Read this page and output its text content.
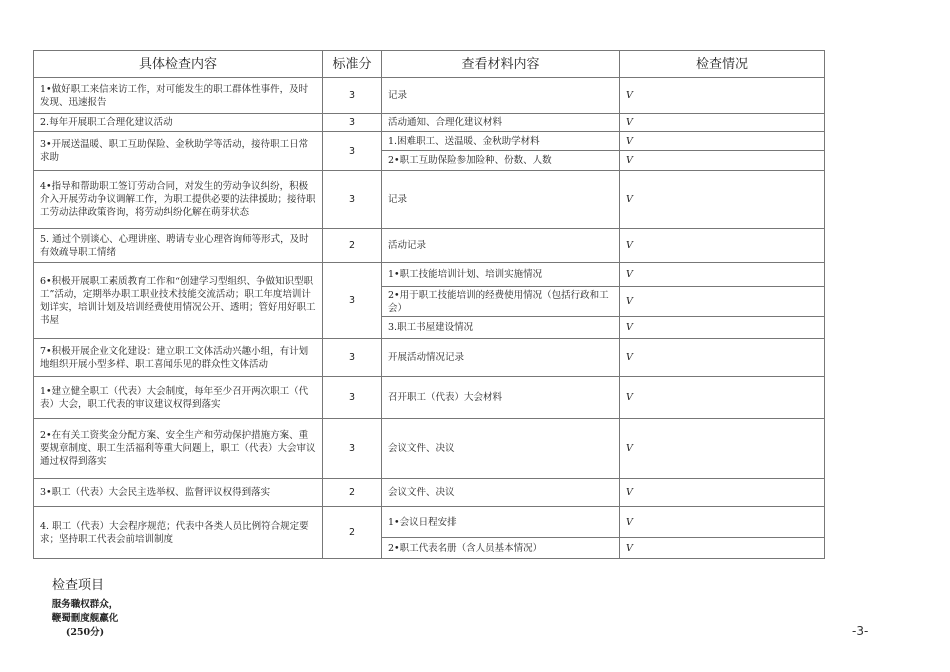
具体检查内容	标准分	查看材料内容	检查情况
1•做好职工来信来访工作，对可能发生的职工群体性事件，及时发现、迅速报告	3	记录	V
2.每年开展职工合理化建议活动	3	活动通知、合理化建议材料	V
3•开展送温暖、职工互助保险、金秋助学等活动，接待职工日常求助	3	1.困难职工、送温暖、金秋助学材料	V
		2•职工互助保险参加险种、份数、人数	V
4•指导和帮助职工签订劳动合同，对发生的劳动争议纠纷，积极介入开展劳动争议调解工作，为职工提供必要的法律援助；接待职工劳动法律政策咨询，将劳动纠纷化解在萌芽状态	3	记录	V
5. 通过个别谈心、心理讲座、聘请专业心理咨询师等形式，及时有效疏导职工情绪	2	活动记录	V
6•积极开展职工素质教育工作和“创建学习型组织、争做知识型职工”活动，定期举办职工职业技术技能交流活动；职工年度培训计划详实，培训计划及培训经费使用情况公开、透明；管好用好职工书屋	3	1•职工技能培训计划、培训实施情况	V
		2•用于职工技能培训的经费使用情况（包括行政和工会）	V
		3.职工书屋建设情况	V
7•积极开展企业文化建设：建立职工文体活动兴趣小组，有计划地组织开展小型多样、职工喜闻乐见的群众性文体活动	3	开展活动情况记录	V
1•建立健全职工（代表）大会制度，每年至少召开两次职工（代表）大会，职工代表的审议建议权得到落实	3	召开职工（代表）大会材料	V
2•在有关工资奖金分配方案、安全生产和劳动保护措施方案、重要规章制度、职工生活福利等重大问题上，职工（代表）大会审议通过权得到落实	3	会议文件、决议	V
3•职工（代表）大会民主选举权、监督评议权得到落实	2	会议文件、决议	V
4. 职工（代表）大会程序规范；代表中各类人员比例符合规定要求；坚持职工代表会前培训制度	2	1•会议日程安排	V
		2•职工代表名册（含人员基本情况）	V
检查项目
服务職权群众，鞭蜀刪度舰羸化
(250分)	-3-
